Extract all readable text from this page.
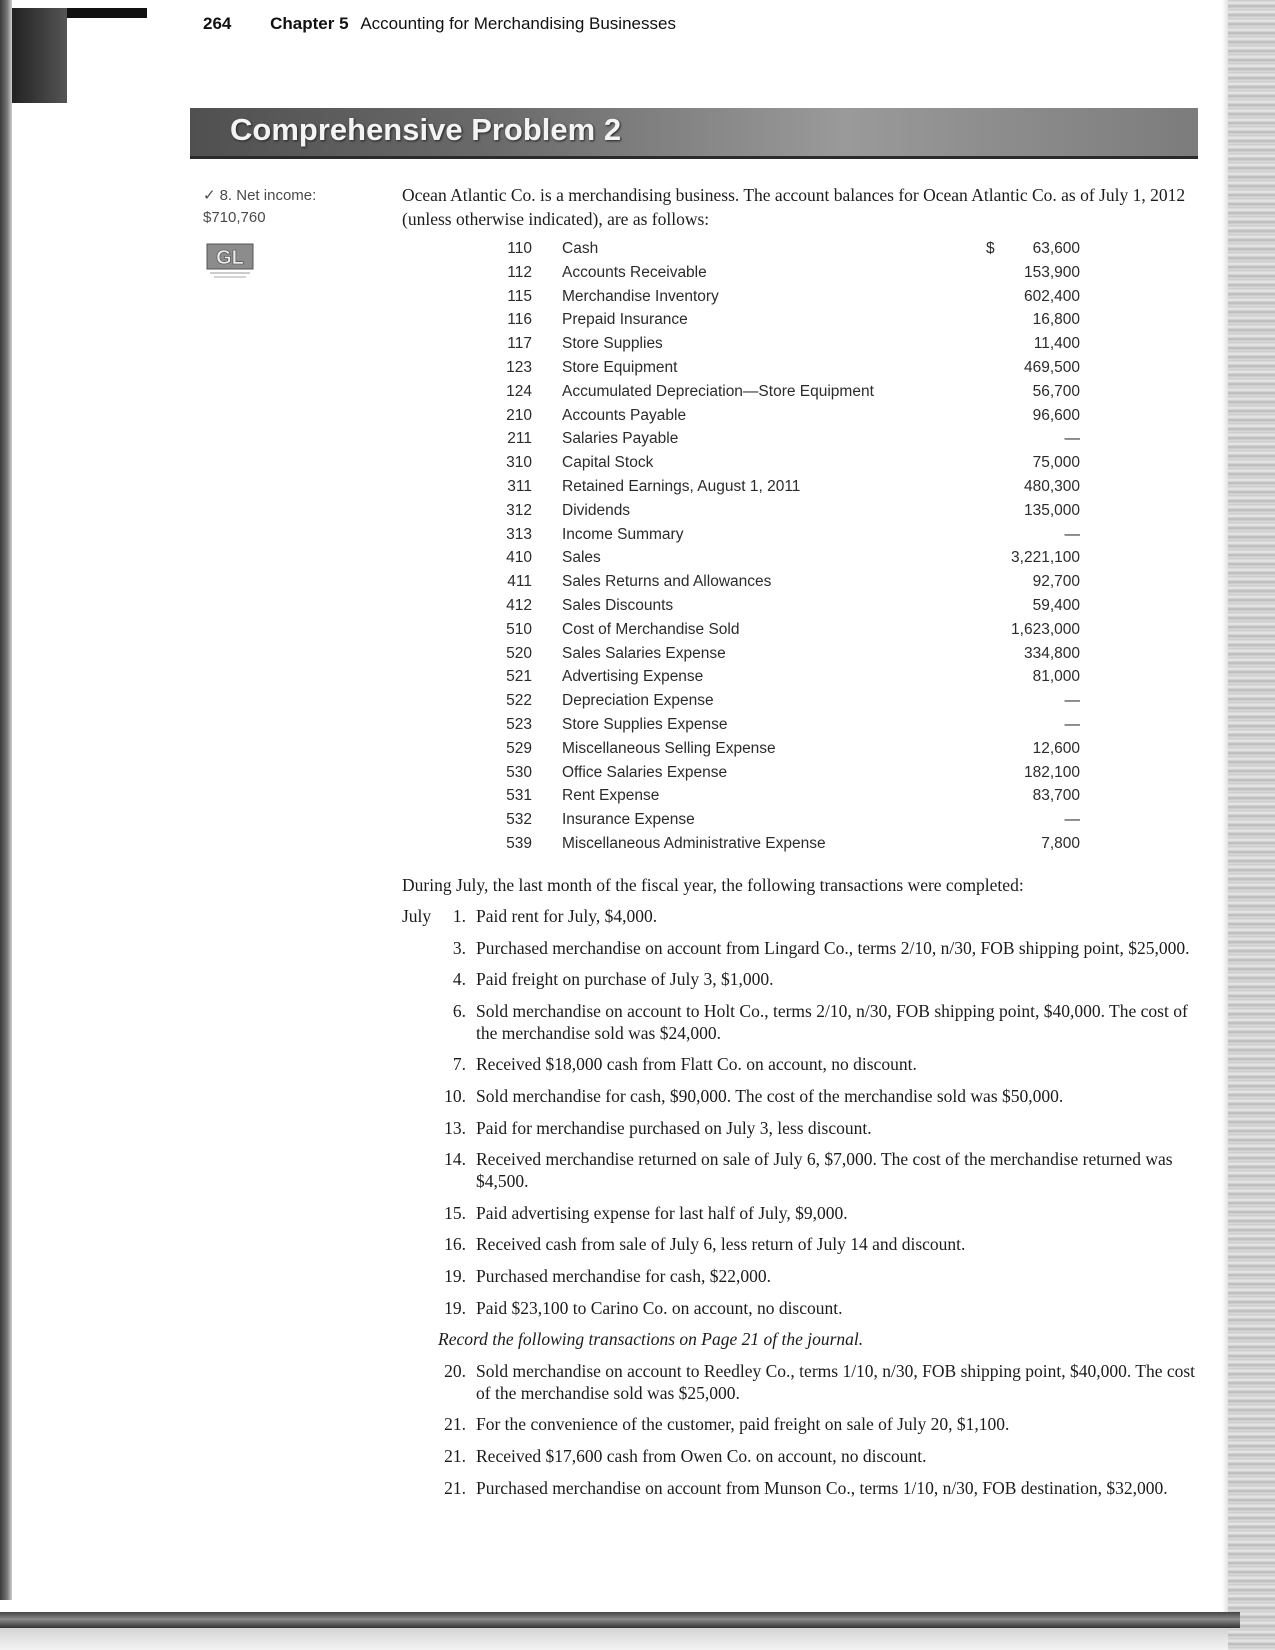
264 Chapter 5 Accounting for Merchandising Businesses
Comprehensive Problem 2
✓ 8. Net income:
$710,760
GL
Ocean Atlantic Co. is a merchandising business. The account balances for Ocean Atlantic Co. as of July 1, 2012 (unless otherwise indicated), are as follows:
110 Cash	$	63,600
112 Accounts Receivable	153,900
115 Merchandise Inventory	602,400
116 Prepaid Insurance	16,800
117 Store Supplies	11,400
123 Store Equipment	469,500
124 Accumulated Depreciation—Store Equipment	56,700
210 Accounts Payable	96,600
211 Salaries Payable	—
310 Capital Stock	75,000
311 Retained Earnings, August 1, 2011	480,300
312 Dividends	135,000
313 Income Summary	—
410 Sales	3,221,100
411 Sales Returns and Allowances	92,700
412 Sales Discounts	59,400
510 Cost of Merchandise Sold	1,623,000
520 Sales Salaries Expense	334,800
521 Advertising Expense	81,000
522 Depreciation Expense	—
523 Store Supplies Expense	—
529 Miscellaneous Selling Expense	12,600
530 Office Salaries Expense	182,100
531 Rent Expense	83,700
532 Insurance Expense	—
539 Miscellaneous Administrative Expense	7,800
During July, the last month of the fiscal year, the following transactions were completed:
July	1. Paid rent for July, $4,000.
3. Purchased merchandise on account from Lingard Co., terms 2/10, n/30, FOB shipping point, $25,000.
4. Paid freight on purchase of July 3, $1,000.
6. Sold merchandise on account to Holt Co., terms 2/10, n/30, FOB shipping point, $40,000. The cost of the merchandise sold was $24,000.
7. Received $18,000 cash from Flatt Co. on account, no discount.
10. Sold merchandise for cash, $90,000. The cost of the merchandise sold was $50,000.
13. Paid for merchandise purchased on July 3, less discount.
14. Received merchandise returned on sale of July 6, $7,000. The cost of the merchandise returned was $4,500.
15. Paid advertising expense for last half of July, $9,000.
16. Received cash from sale of July 6, less return of July 14 and discount.
19. Purchased merchandise for cash, $22,000.
19. Paid $23,100 to Carino Co. on account, no discount.
Record the following transactions on Page 21 of the journal.
20. Sold merchandise on account to Reedley Co., terms 1/10, n/30, FOB shipping point, $40,000. The cost of the merchandise sold was $25,000.
21. For the convenience of the customer, paid freight on sale of July 20, $1,100.
21. Received $17,600 cash from Owen Co. on account, no discount.
21. Purchased merchandise on account from Munson Co., terms 1/10, n/30, FOB destination, $32,000.
